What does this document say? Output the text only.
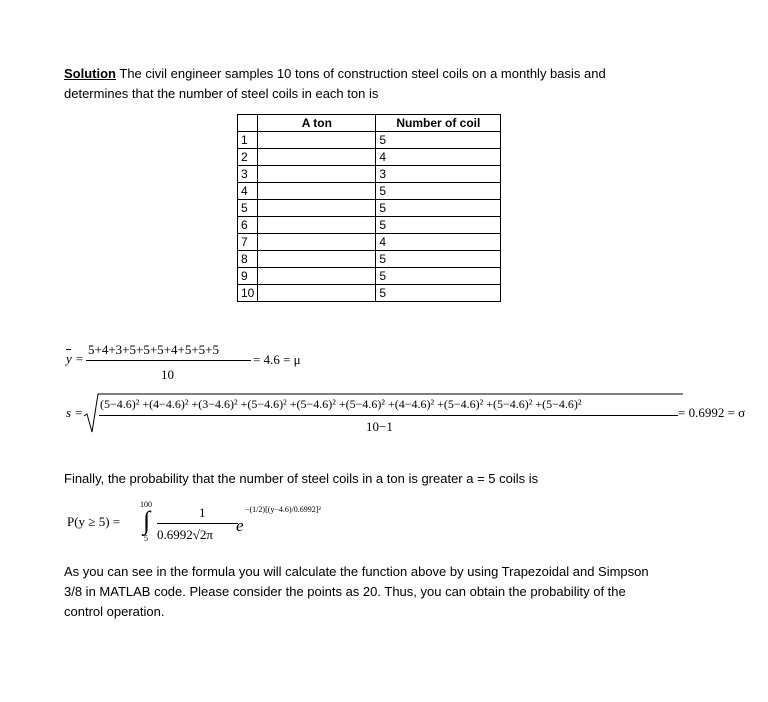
Solution The civil engineer samples 10 tons of construction steel coils on a monthly basis and
determines that the number of steel coils in each ton is
	A ton	Number of coil
1		5
2		4
3		3
4		5
5		5
6		5
7		4
8		5
9		5
10		5
y =
5+4+3+5+5+5+4+5+5+5
10
= 4.6 = μ
s =
(5−4.6)² +(4−4.6)² +(3−4.6)² +(5−4.6)² +(5−4.6)² +(5−4.6)² +(4−4.6)² +(5−4.6)² +(5−4.6)² +(5−4.6)²
10−1
= 0.6992 = σ
Finally, the probability that the number of steel coils in a ton is greater a = 5 coils is
P(y ≥ 5) =
100
∫
5
1
0.6992√2π e
−(1/2)[(y−4.6)/0.6992]²
As you can see in the formula you will calculate the function above by using Trapezoidal and Simpson
3/8 in MATLAB code. Please consider the points as 20. Thus, you can obtain the probability of the
control operation.
